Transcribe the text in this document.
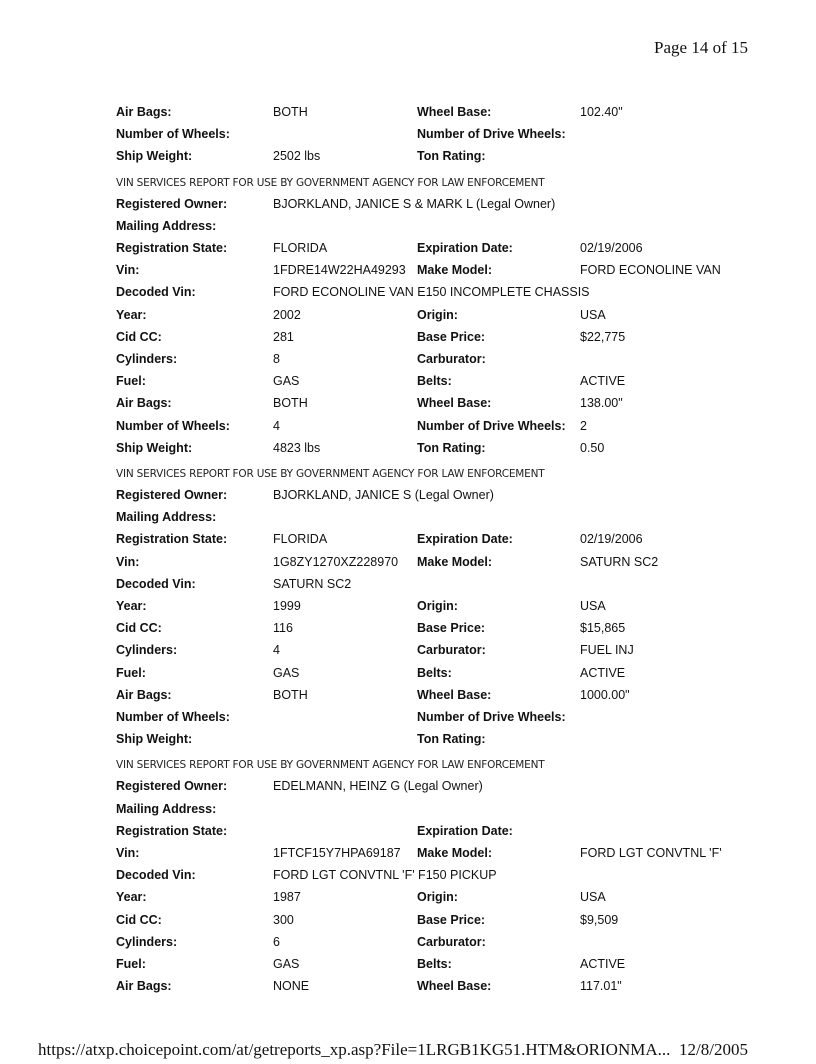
Page 14 of 15
Air Bags:	BOTH	Wheel Base:	102.40"
Number of Wheels:	Number of Drive Wheels:
Ship Weight:	2502 lbs	Ton Rating:
VIN SERVICES REPORT FOR USE BY GOVERNMENT AGENCY FOR LAW ENFORCEMENT
Registered Owner:	BJORKLAND, JANICE S & MARK L (Legal Owner)
Mailing Address:
Registration State:	FLORIDA	Expiration Date:	02/19/2006
Vin:	1FDRE14W22HA49293 Make Model:	FORD ECONOLINE VAN
Decoded Vin:	FORD ECONOLINE VAN E150 INCOMPLETE CHASSIS
Year:	2002	Origin:	USA
Cid CC:	281	Base Price:	$22,775
Cylinders:	8	Carburator:
Fuel:	GAS	Belts:	ACTIVE
Air Bags:	BOTH	Wheel Base:	138.00"
Number of Wheels:	4	Number of Drive Wheels: 2
Ship Weight:	4823 lbs	Ton Rating:	0.50
VIN SERVICES REPORT FOR USE BY GOVERNMENT AGENCY FOR LAW ENFORCEMENT
Registered Owner:	BJORKLAND, JANICE S (Legal Owner)
Mailing Address:
Registration State:	FLORIDA	Expiration Date:	02/19/2006
Vin:	1G8ZY1270XZ228970 Make Model:	SATURN SC2
Decoded Vin:	SATURN SC2
Year:	1999	Origin:	USA
Cid CC:	116	Base Price:	$15,865
Cylinders:	4	Carburator:	FUEL INJ
Fuel:	GAS	Belts:	ACTIVE
Air Bags:	BOTH	Wheel Base:	1000.00"
Number of Wheels:	Number of Drive Wheels:
Ship Weight:	Ton Rating:
VIN SERVICES REPORT FOR USE BY GOVERNMENT AGENCY FOR LAW ENFORCEMENT
Registered Owner:	EDELMANN, HEINZ G (Legal Owner)
Mailing Address:
Registration State:	Expiration Date:
Vin:	1FTCF15Y7HPA69187 Make Model:	FORD LGT CONVTNL 'F'
Decoded Vin:	FORD LGT CONVTNL 'F' F150 PICKUP
Year:	1987	Origin:	USA
Cid CC:	300	Base Price:	$9,509
Cylinders:	6	Carburator:
Fuel:	GAS	Belts:	ACTIVE
Air Bags:	NONE	Wheel Base:	117.01"
https://atxp.choicepoint.com/at/getreports_xp.asp?File=1LRGB1KG51.HTM&ORIONMA... 12/8/2005
